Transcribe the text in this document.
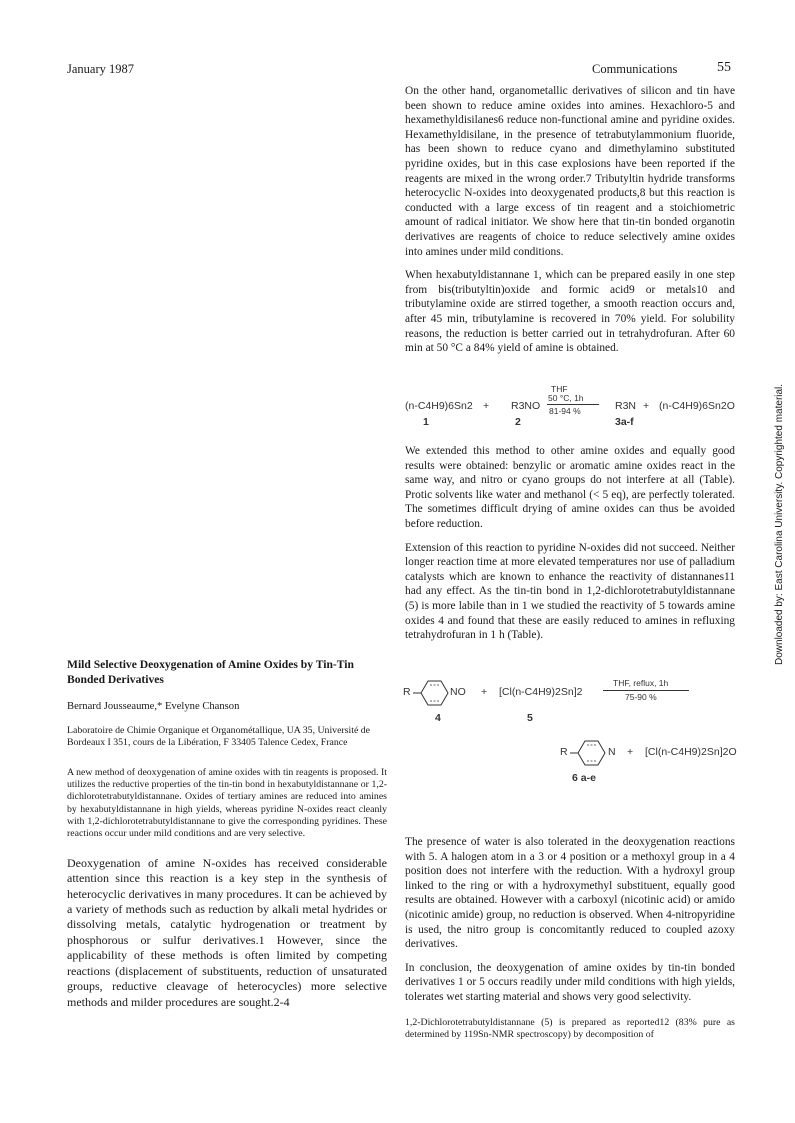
January 1987	Communications	55
Downloaded by: East Carolina University. Copyrighted material.

On the other hand, organometallic derivatives of silicon and tin have been shown to reduce amine oxides into amines. Hexachloro-5 and hexamethyldisilanes6 reduce non-functional amine and pyridine oxides. Hexamethyldisilane, in the presence of tetrabutylammonium fluoride, has been shown to reduce cyano and dimethylamino substituted pyridine oxides, but in this case explosions have been reported if the reagents are mixed in the wrong order.7 Tributyltin hydride transforms heterocyclic N-oxides into deoxygenated products,8 but this reaction is conducted with a large excess of tin reagent and a stoichiometric amount of radical initiator. We show here that tin-tin bonded organotin derivatives are reagents of choice to reduce selectively amine oxides into amines under mild conditions.

When hexabutyldistannane 1, which can be prepared easily in one step from bis(tributyltin)oxide and formic acid9 or metals10 and tributylamine oxide are stirred together, a smooth reaction occurs and, after 45 min, tributylamine is recovered in 70% yield. For solubility reasons, the reduction is better carried out in tetrahydrofuran. After 60 min at 50 °C a 84% yield of amine is obtained.

(n-C4H9)6Sn2 + R3NO
THF
50 °C, 1h
81-94 %	R3N + (n-C4H9)6Sn2O
1	2	3a-f

We extended this method to other amine oxides and equally good results were obtained: benzylic or aromatic amine oxides react in the same way, and nitro or cyano groups do not interfere at all (Table). Protic solvents like water and methanol (< 5 eq), are perfectly tolerated. The sometimes difficult drying of amine oxides can thus be avoided before reduction.

Extension of this reaction to pyridine N-oxides did not succeed. Neither longer reaction time at more elevated temperatures nor use of palladium catalysts which are known to enhance the reactivity of distannanes11 had any effect. As the tin-tin bond in 1,2-dichlorotetrabutyldistannane (5) is more labile than in 1 we studied the reactivity of 5 towards amine oxides 4 and found that these are easily reduced to amines in refluxing tetrahydrofuran in 1 h (Table).

R	NO + [Cl(n-C4H9)2Sn]2
THF, reflux, 1h
75-90 %
4	5
R	N + [Cl(n-C4H9)2Sn]2O
6 a-e

The presence of water is also tolerated in the deoxygenation reactions with 5. A halogen atom in a 3 or 4 position or a methoxyl group in a 4 position does not interfere with the reduction. With a hydroxyl group linked to the ring or with a hydroxymethyl substituent, equally good results are obtained. However with a carboxyl (nicotinic acid) or amido (nicotinic amide) group, no reduction is observed. When 4-nitropyridine is used, the nitro group is concomitantly reduced to coupled azoxy derivatives.

In conclusion, the deoxygenation of amine oxides by tin-tin bonded derivatives 1 or 5 occurs readily under mild conditions with high yields, tolerates wet starting material and shows very good selectivity.

1,2-Dichlorotetrabutyldistannane (5) is prepared as reported12 (83% pure as determined by 119Sn-NMR spectroscopy) by decomposition of

Mild Selective Deoxygenation of Amine Oxides by Tin-Tin Bonded Derivatives
Bernard Jousseaume,* Evelyne Chanson
Laboratoire de Chimie Organique et Organométallique, UA 35, Université de Bordeaux I 351, cours de la Libération, F 33405 Talence Cedex, France
A new method of deoxygenation of amine oxides with tin reagents is proposed. It utilizes the reductive properties of the tin-tin bond in hexabutyldistannane or 1,2-dichlorotetrabutyldistannane. Oxides of tertiary amines are reduced into amines by hexabutyldistannane in high yields, whereas pyridine N-oxides react cleanly with 1,2-dichlorotetrabutyldistannane to give the corresponding pyridines. These reactions occur under mild conditions and are very selective.
Deoxygenation of amine N-oxides has received considerable attention since this reaction is a key step in the synthesis of heterocyclic derivatives in many procedures. It can be achieved by a variety of methods such as reduction by alkali metal hydrides or dissolving metals, catalytic hydrogenation or treatment by phosphorous or sulfur derivatives.1 However, since the applicability of these methods is often limited by competing reactions (displacement of substituents, reduction of unsaturated groups, reductive cleavage of heterocycles) more selective methods and milder procedures are sought.2-4
